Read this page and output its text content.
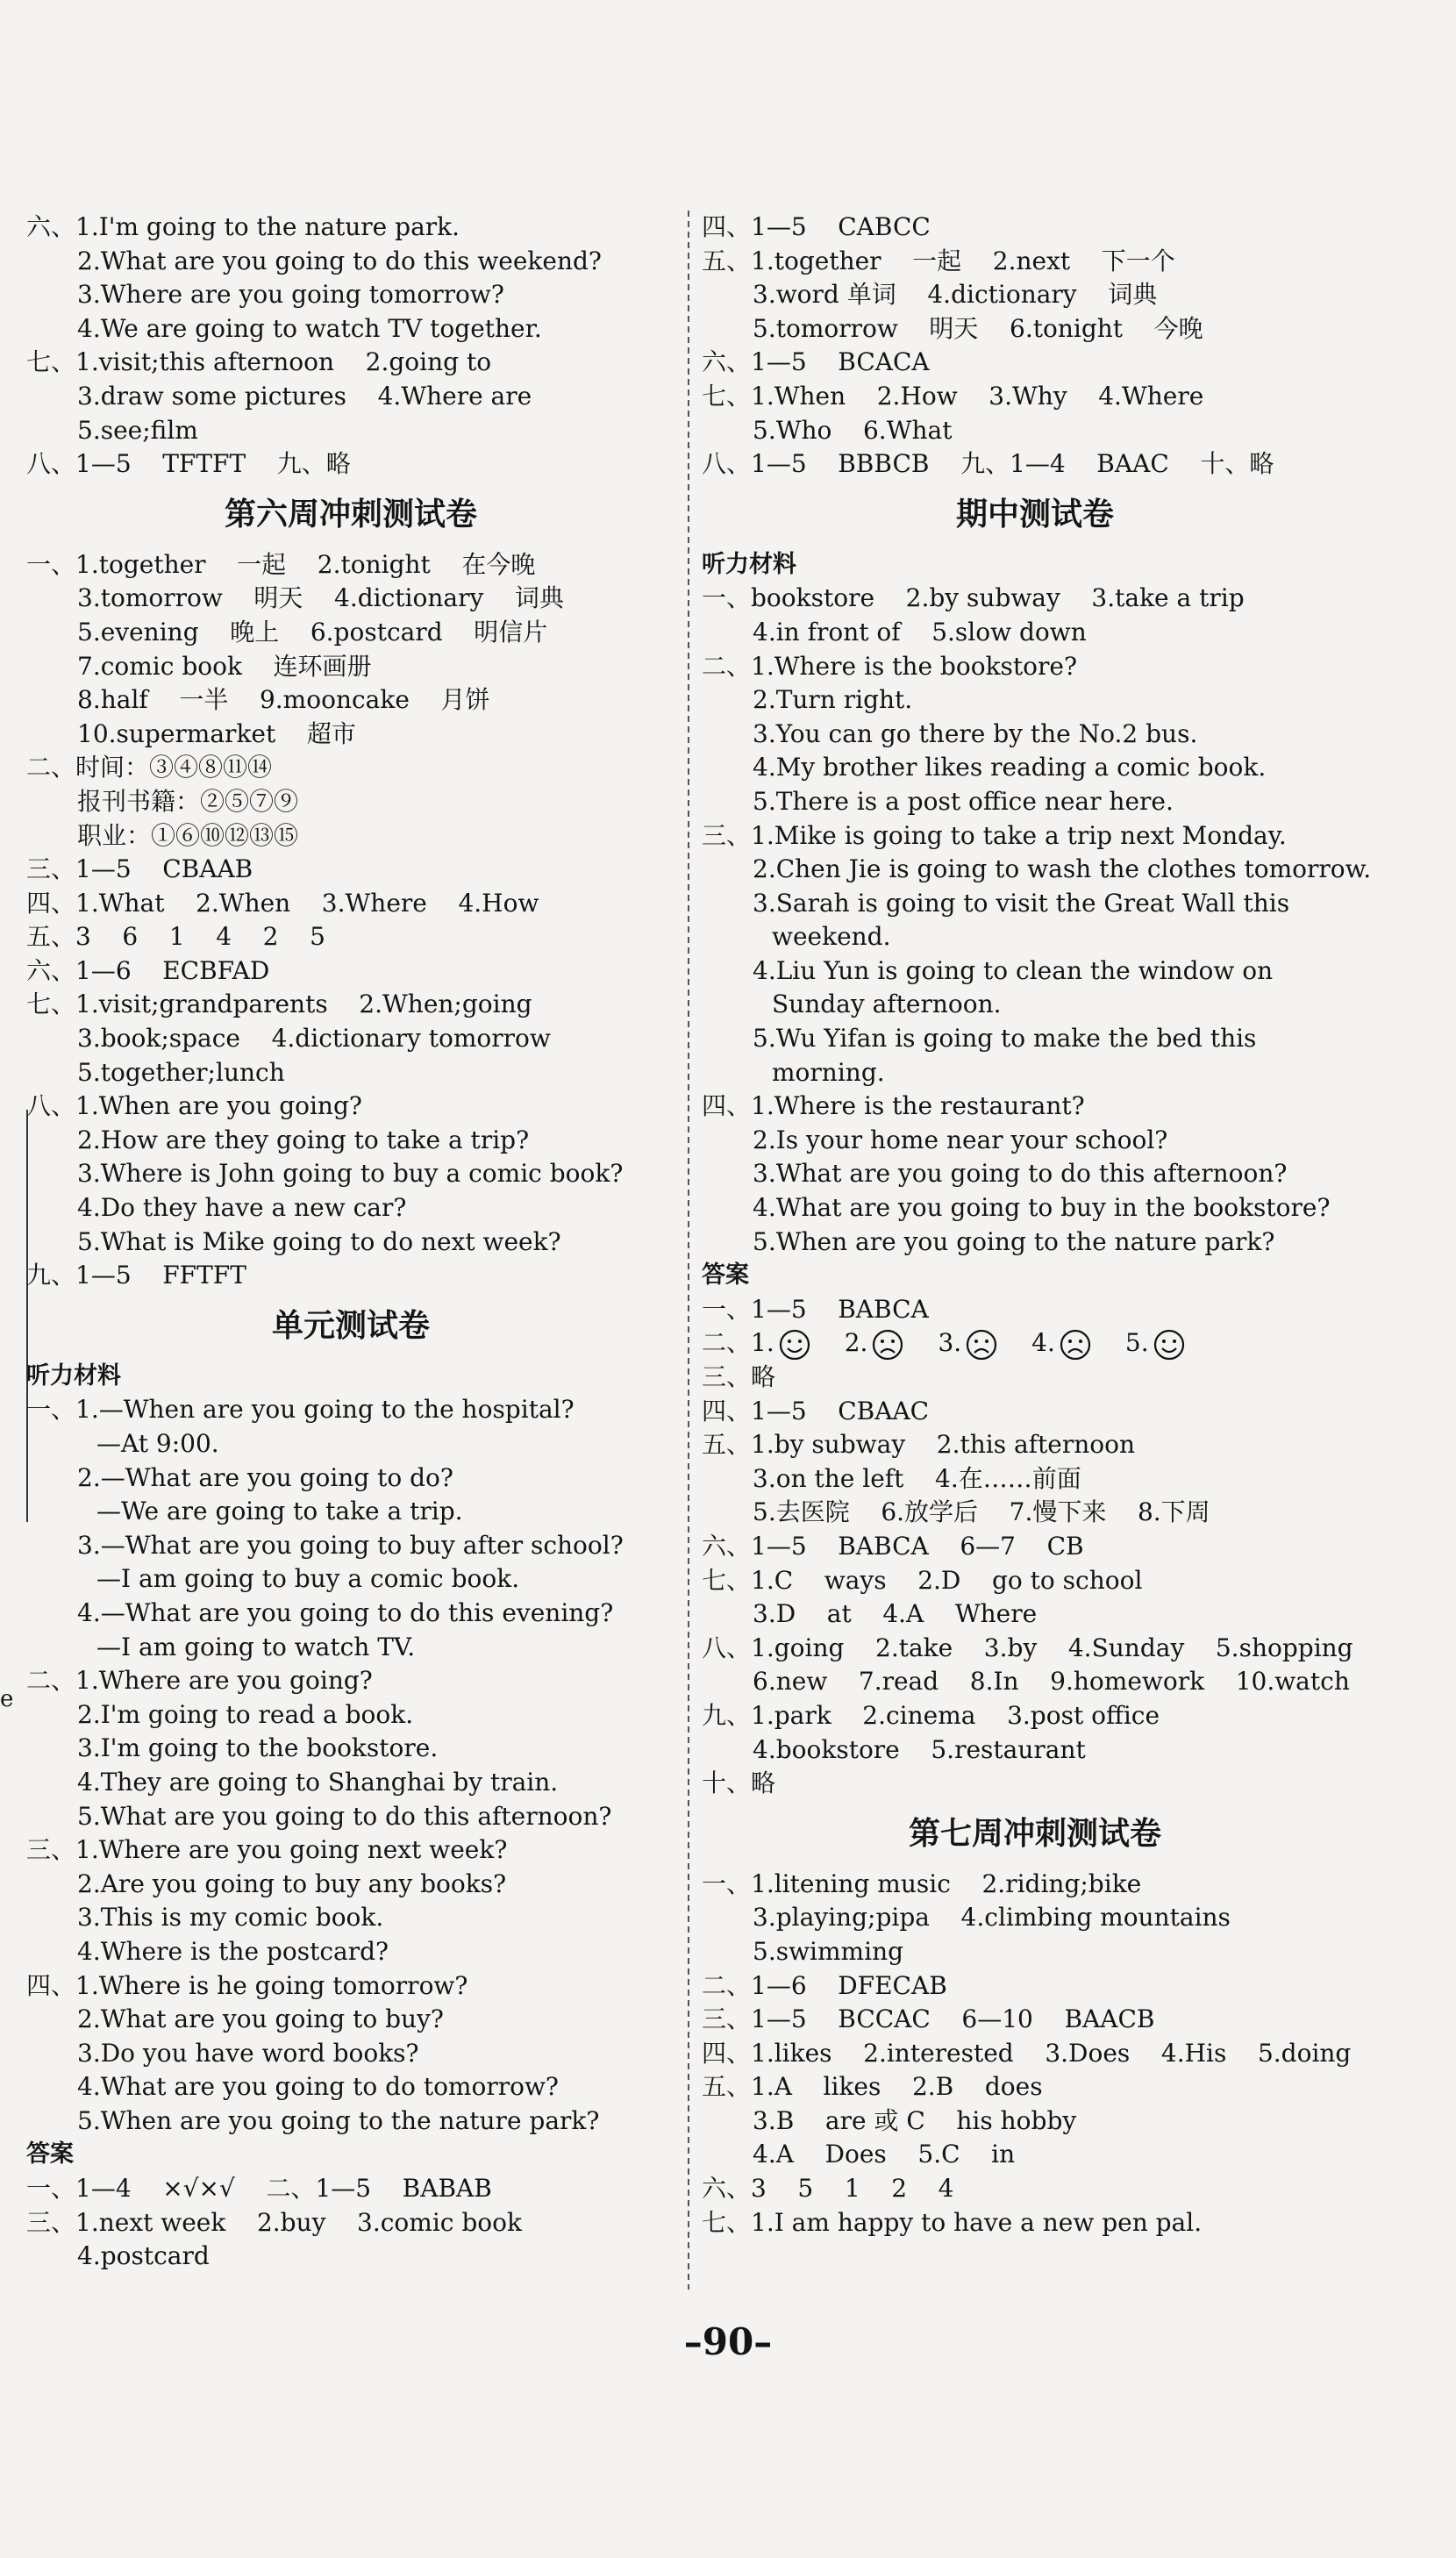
e
六、1.I'm going to the nature park.
2.What are you going to do this weekend?
3.Where are you going tomorrow?
4.We are going to watch TV together.
七、1.visit;this afternoon    2.going to
3.draw some pictures    4.Where are
5.see;film
八、1—5    TFTFT    九、略
第六周冲刺测试卷
一、1.together    一起    2.tonight    在今晚
3.tomorrow    明天    4.dictionary    词典
5.evening    晚上    6.postcard    明信片
7.comic book    连环画册
8.half    一半    9.mooncake    月饼
10.supermarket    超市
二、时间：③④⑧⑪⑭
报刊书籍：②⑤⑦⑨
职业：①⑥⑩⑫⑬⑮
三、1—5    CBAAB
四、1.What    2.When    3.Where    4.How
五、3    6    1    4    2    5
六、1—6    ECBFAD
七、1.visit;grandparents    2.When;going
3.book;space    4.dictionary tomorrow
5.together;lunch
八、1.When are you going?
2.How are they going to take a trip?
3.Where is John going to buy a comic book?
4.Do they have a new car?
5.What is Mike going to do next week?
九、1—5    FFTFT
单元测试卷
听力材料
一、1.—When are you going to the hospital?
—At 9:00.
2.—What are you going to do?
—We are going to take a trip.
3.—What are you going to buy after school?
—I am going to buy a comic book.
4.—What are you going to do this evening?
—I am going to watch TV.
二、1.Where are you going?
2.I'm going to read a book.
3.I'm going to the bookstore.
4.They are going to Shanghai by train.
5.What are you going to do this afternoon?
三、1.Where are you going next week?
2.Are you going to buy any books?
3.This is my comic book.
4.Where is the postcard?
四、1.Where is he going tomorrow?
2.What are you going to buy?
3.Do you have word books?
4.What are you going to do tomorrow?
5.When are you going to the nature park?
答案
一、1—4    ×√×√    二、1—5    BABAB
三、1.next week    2.buy    3.comic book
4.postcard
四、1—5    CABCC
五、1.together    一起    2.next    下一个
3.word 单词    4.dictionary    词典
5.tomorrow    明天    6.tonight    今晚
六、1—5    BCACA
七、1.When    2.How    3.Why    4.Where
5.Who    6.What
八、1—5    BBBCB    九、1—4    BAAC    十、略
期中测试卷
听力材料
一、bookstore    2.by subway    3.take a trip
4.in front of    5.slow down
二、1.Where is the bookstore?
2.Turn right.
3.You can go there by the No.2 bus.
4.My brother likes reading a comic book.
5.There is a post office near here.
三、1.Mike is going to take a trip next Monday.
2.Chen Jie is going to wash the clothes tomorrow.
3.Sarah is going to visit the Great Wall this
weekend.
4.Liu Yun is going to clean the window on
Sunday afternoon.
5.Wu Yifan is going to make the bed this
morning.
四、1.Where is the restaurant?
2.Is your home near your school?
3.What are you going to do this afternoon?
4.What are you going to buy in the bookstore?
5.When are you going to the nature park?
答案
一、1—5    BABCA
二、1.	2.	3.	4.	5.
三、略
四、1—5    CBAAC
五、1.by subway    2.this afternoon
3.on the left    4.在……前面
5.去医院    6.放学后    7.慢下来    8.下周
六、1—5    BABCA    6—7    CB
七、1.C    ways    2.D    go to school
3.D    at    4.A    Where
八、1.going    2.take    3.by    4.Sunday    5.shopping
6.new    7.read    8.In    9.homework    10.watch
九、1.park    2.cinema    3.post office
4.bookstore    5.restaurant
十、略
第七周冲刺测试卷
一、1.litening music    2.riding;bike
3.playing;pipa    4.climbing mountains
5.swimming
二、1—6    DFECAB
三、1—5    BCCAC    6—10    BAACB
四、1.likes    2.interested    3.Does    4.His    5.doing
五、1.A    likes    2.B    does
3.B    are 或 C    his hobby
4.A    Does    5.C    in
六、3    5    1    2    4
七、1.I am happy to have a new pen pal.
–90–
